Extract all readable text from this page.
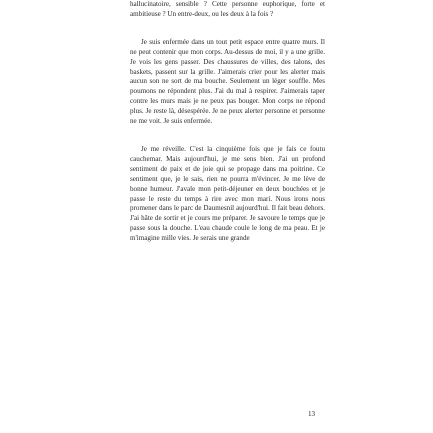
hallucinatoire, sensible ? Cette personne euphorique, forte et ambitieuse ? Un entre-deux, ou les deux à la fois ?

Je suis enfermée dans un tout petit espace entre quatre murs. Il ne peut contenir que mon corps. Au-dessus de moi, il y a une grille. Je vois les gens passer. Des chaussures de villes, des talons, des baskets, passent sur la grille. J'aimerais crier pour les alerter mais aucun son ne sort de ma bouche. Seulement un léger souffle. Mes poumons ne répondent plus. J'ai du mal à respirer. J'aimerais taper contre les murs mais je ne peux pas bouger. Mon corps ne répond plus. Je reste là, désespérée. Je ne peux alerter personne et personne ne me voit. Je suis enfermée.

Je me réveille. C'est la cinquième fois que je fais ce foutu cauchemar. Mais aujourd'hui, je me sens bien. J'ai un profond sentiment de paix et de joie qui se propage dans ma poitrine. Ce sentiment que, je le sais, rien ne pourra m'évincer. Je me lève de bonne humeur. J'avale mon petit-déjeuner en deux bouchées et je passe le reste du temps à rire avec mon mari. Nous irons nous promener dans le parc de Daumesnil aujourd'hui. Il fait beau dehors. J'ai hâte de sortir et je cours me préparer. Je savoure le temps que je passe sous la douche. L'eau chaude coule le long de ma peau. Et je m'imagine mille vies. Je serais une grande

13
